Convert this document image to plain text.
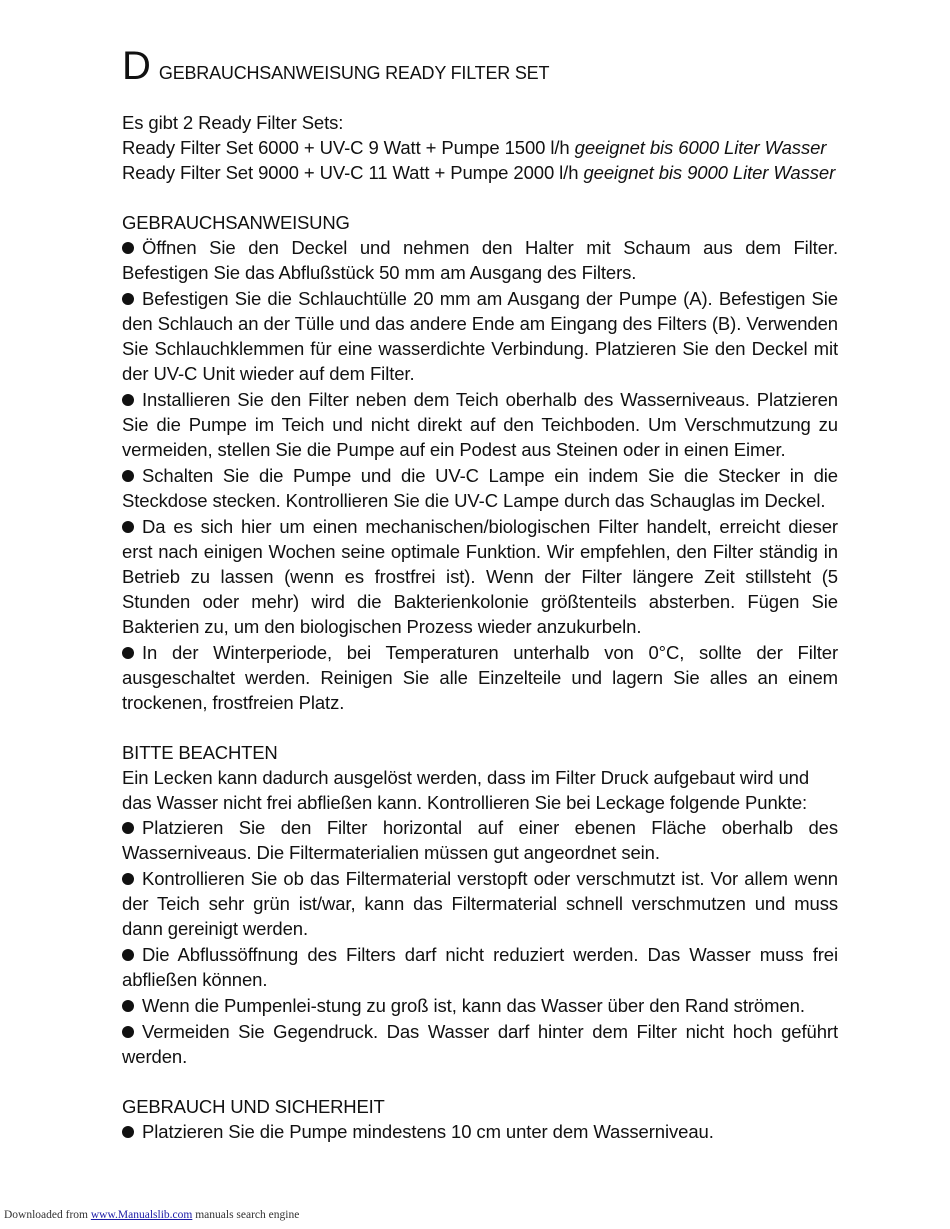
D GEBRAUCHSANWEISUNG READY FILTER SET

Es gibt 2 Ready Filter Sets:

Ready Filter Set 6000 + UV-C 9 Watt + Pumpe 1500 l/h geeignet bis 6000 Liter Wasser

Ready Filter Set 9000 + UV-C 11 Watt + Pumpe 2000 l/h geeignet bis 9000 Liter Wasser

GEBRAUCHSANWEISUNG

Öffnen Sie den Deckel und nehmen den Halter mit Schaum aus dem Filter. Befestigen Sie das Abflußstück 50 mm am Ausgang des Filters.

Befestigen Sie die Schlauchtülle 20 mm am Ausgang der Pumpe (A). Befestigen Sie den Schlauch an der Tülle und das andere Ende am Eingang des Filters (B). Verwenden Sie Schlauchklemmen für eine wasserdichte Verbindung. Platzieren Sie den Deckel mit der UV-C Unit wieder auf dem Filter.

Installieren Sie den Filter neben dem Teich oberhalb des Wasserniveaus. Platzieren Sie die Pumpe im Teich und nicht direkt auf den Teichboden. Um Verschmutzung zu vermeiden, stellen Sie die Pumpe auf ein Podest aus Steinen oder in einen Eimer.

Schalten Sie die Pumpe und die UV-C Lampe ein indem Sie die Stecker in die Steckdose stecken. Kontrollieren Sie die UV-C Lampe durch das Schauglas im Deckel.

Da es sich hier um einen mechanischen/biologischen Filter handelt, erreicht dieser erst nach einigen Wochen seine optimale Funktion. Wir empfehlen, den Filter ständig in Betrieb zu lassen (wenn es frostfrei ist). Wenn der Filter längere Zeit stillsteht (5 Stunden oder mehr) wird die Bakterienkolonie größtenteils absterben. Fügen Sie Bakterien zu, um den biologischen Prozess wieder anzukurbeln.

In der Winterperiode, bei Temperaturen unterhalb von 0°C, sollte der Filter ausgeschaltet werden. Reinigen Sie alle Einzelteile und lagern Sie alles an einem trockenen, frostfreien Platz.

BITTE BEACHTEN

Ein Lecken kann dadurch ausgelöst werden, dass im Filter Druck aufgebaut wird und das Wasser nicht frei abfließen kann. Kontrollieren Sie bei Leckage folgende Punkte:

Platzieren Sie den Filter horizontal auf einer ebenen Fläche oberhalb des Wasserniveaus. Die Filtermaterialien müssen gut angeordnet sein.

Kontrollieren Sie ob das Filtermaterial verstopft oder verschmutzt ist. Vor allem wenn der Teich sehr grün ist/war, kann das Filtermaterial schnell verschmutzen und muss dann gereinigt werden.

Die Abflussöffnung des Filters darf nicht reduziert werden. Das Wasser muss frei abfließen können.

Wenn die Pumpenlei-stung zu groß ist, kann das Wasser über den Rand strömen.

Vermeiden Sie Gegendruck. Das Wasser darf hinter dem Filter nicht hoch geführt werden.

GEBRAUCH UND SICHERHEIT

Platzieren Sie die Pumpe mindestens 10 cm unter dem Wasserniveau.

Downloaded from www.Manualslib.com manuals search engine
